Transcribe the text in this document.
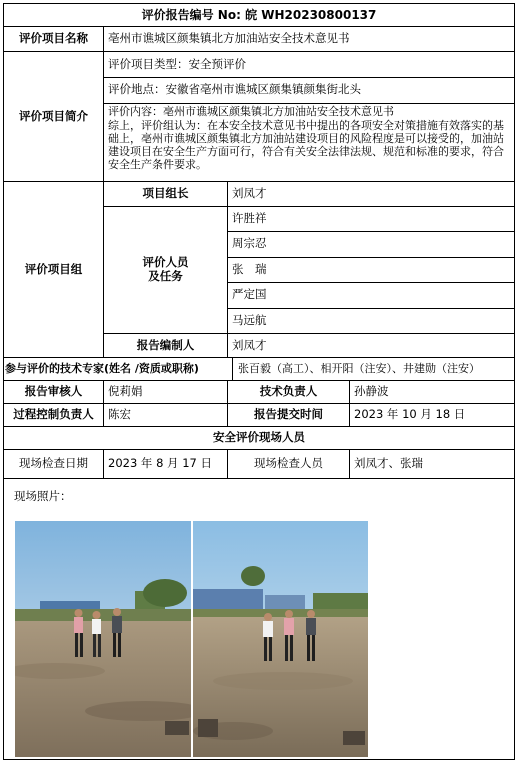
评价报告编号 No: 皖 WH20230800137
评价项目名称	亳州市谯城区颜集镇北方加油站安全技术意见书
评价项目简介
评价项目类型：安全预评价
评价地点：安徽省亳州市谯城区颜集镇颜集街北头
评价内容：亳州市谯城区颜集镇北方加油站安全技术意见书
综上，评价组认为：在本安全技术意见书中提出的各项安全对策措施有效落实的基础上，亳州市谯城区颜集镇北方加油站建设项目的风险程度是可以接受的，加油站建设项目在安全生产方面可行，符合有关安全法律法规、规范和标准的要求，符合安全生产条件要求。
评价项目组
项目组长	刘凤才
评价人员
及任务
许胜祥
周宗忍
张　瑞
严定国
马远航
报告编制人	刘凤才
参与评价的技术专家(姓名 /资质或职称)	张百毅（高工）、相开阳（注安）、井建勋（注安）
报告审核人	倪莉娟	技术负责人	孙静波
过程控制负责人	陈宏	报告提交时间	2023 年 10 月 18 日
安全评价现场人员
现场检查日期	2023 年 8 月 17 日	现场检查人员	刘凤才、张瑞
现场照片：
